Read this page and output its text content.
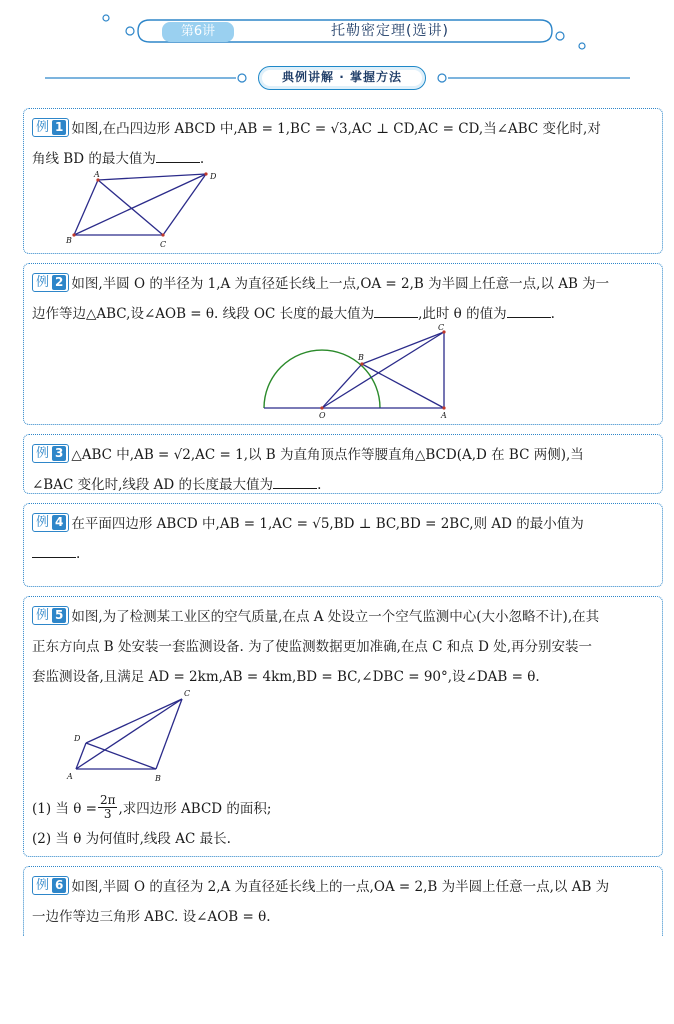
第6讲	托勒密定理(选讲)
典例讲解 · 掌握方法
例 1 如图,在凸四边形 ABCD 中,AB = 1,BC = √3,AC ⊥ CD,AC = CD,当∠ABC 变化时,对
角线 BD 的最大值为	.
A	D
B	C
例 2 如图,半圆 O 的半径为 1,A 为直径延长线上一点,OA = 2,B 为半圆上任意一点,以 AB 为一
边作等边△ABC,设∠AOB = θ. 线段 OC 长度的最大值为	,此时 θ 的值为	.
C
B
O	A
例 3 △ABC 中,AB = √2,AC = 1,以 B 为直角顶点作等腰直角△BCD(A,D 在 BC 两侧),当
∠BAC 变化时,线段 AD 的长度最大值为	.
例 4 在平面四边形 ABCD 中,AB = 1,AC = √5,BD ⊥ BC,BD = 2BC,则 AD 的最小值为
.
例 5 如图,为了检测某工业区的空气质量,在点 A 处设立一个空气监测中心(大小忽略不计),在其
正东方向点 B 处安装一套监测设备. 为了使监测数据更加准确,在点 C 和点 D 处,再分别安装一
套监测设备,且满足 AD = 2km,AB = 4km,BD = BC,∠DBC = 90°,设∠DAB = θ.
C
D
A	B
(1) 当 $\theta = \frac{2\pi}{3}$ ,求四边形 ABCD 的面积;
(2) 当 θ 为何值时,线段 AC 最长.
例 6 如图,半圆 O 的直径为 2,A 为直径延长线上的一点,OA = 2,B 为半圆上任意一点,以 AB 为
一边作等边三角形 ABC. 设∠AOB = θ.
